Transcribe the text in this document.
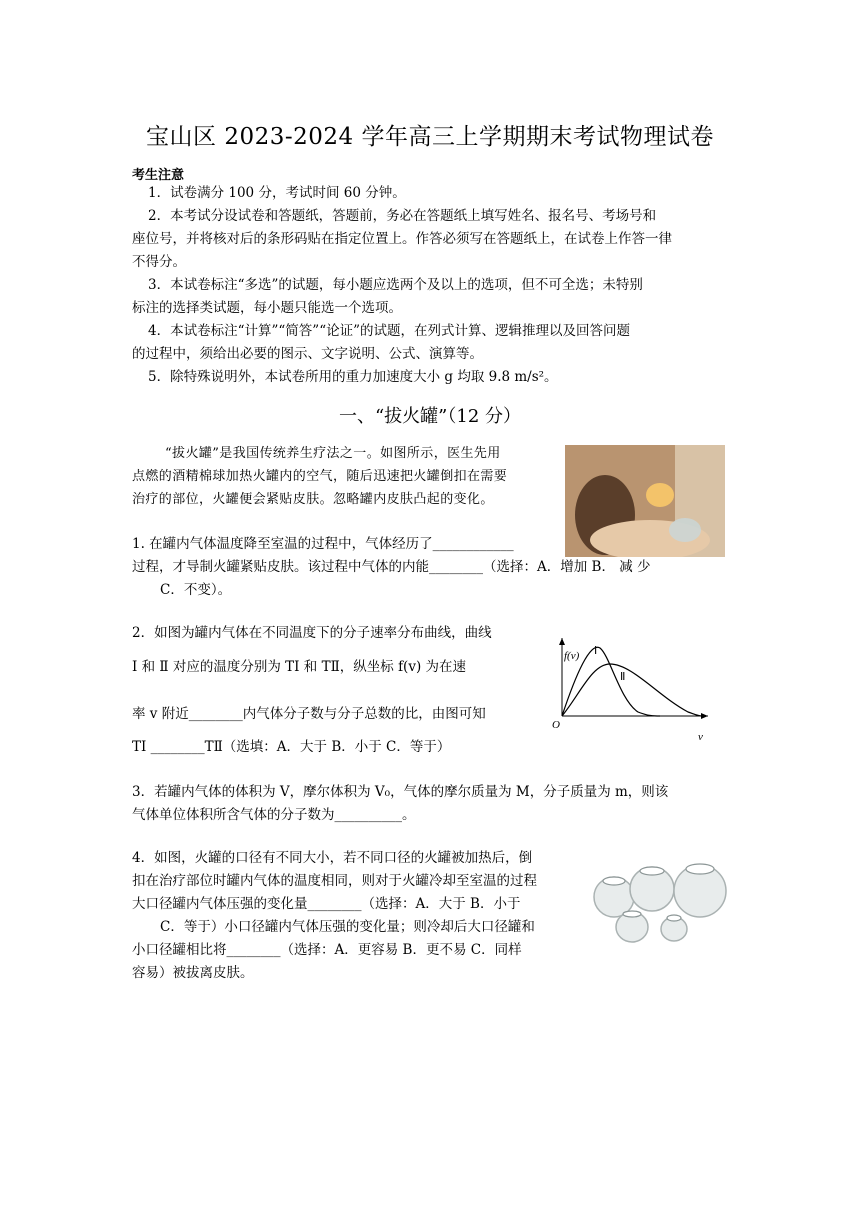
宝山区 2023-2024 学年高三上学期期末考试物理试卷
考生注意
1．试卷满分 100 分，考试时间 60 分钟。
2．本考试分设试卷和答题纸，答题前，务必在答题纸上填写姓名、报名号、考场号和
座位号，并将核对后的条形码贴在指定位置上。作答必须写在答题纸上，在试卷上作答一律
不得分。
3．本试卷标注“多选”的试题，每小题应选两个及以上的选项，但不可全选；未特别
标注的选择类试题，每小题只能选一个选项。
4．本试卷标注“计算”“简答”“论证”的试题，在列式计算、逻辑推理以及回答问题
的过程中，须给出必要的图示、文字说明、公式、演算等。
5．除特殊说明外，本试卷所用的重力加速度大小 g 均取 9.8 m/s²。
一、“拔火罐”（12 分）
“拔火罐”是我国传统养生疗法之一。如图所示，医生先用
点燃的酒精棉球加热火罐内的空气，随后迅速把火罐倒扣在需要
治疗的部位，火罐便会紧贴皮肤。忽略罐内皮肤凸起的变化。
1. 在罐内气体温度降至室温的过程中，气体经历了____________
过程，才导制火罐紧贴皮肤。该过程中气体的内能________（选择：A．增加 B． 减 少
C．不变）。
2．如图为罐内气体在不同温度下的分子速率分布曲线，曲线
Ⅰ 和 Ⅱ 对应的温度分别为 TⅠ 和 TⅡ，纵坐标 f(v) 为在速
率 v 附近________内气体分子数与分子总数的比，由图可知
TⅠ ________TⅡ（选填：A．大于 B．小于 C．等于）
f(v) Ⅰ
Ⅱ
O
v
3．若罐内气体的体积为 V，摩尔体积为 V₀，气体的摩尔质量为 M，分子质量为 m，则该
气体单位体积所含气体的分子数为__________。
4．如图，火罐的口径有不同大小，若不同口径的火罐被加热后，倒
扣在治疗部位时罐内气体的温度相同，则对于火罐冷却至室温的过程
大口径罐内气体压强的变化量________（选择：A．大于 B．小于
C．等于）小口径罐内气体压强的变化量；则冷却后大口径罐和
小口径罐相比将________（选择：A．更容易 B．更不易 C．同样
容易）被拔离皮肤。
